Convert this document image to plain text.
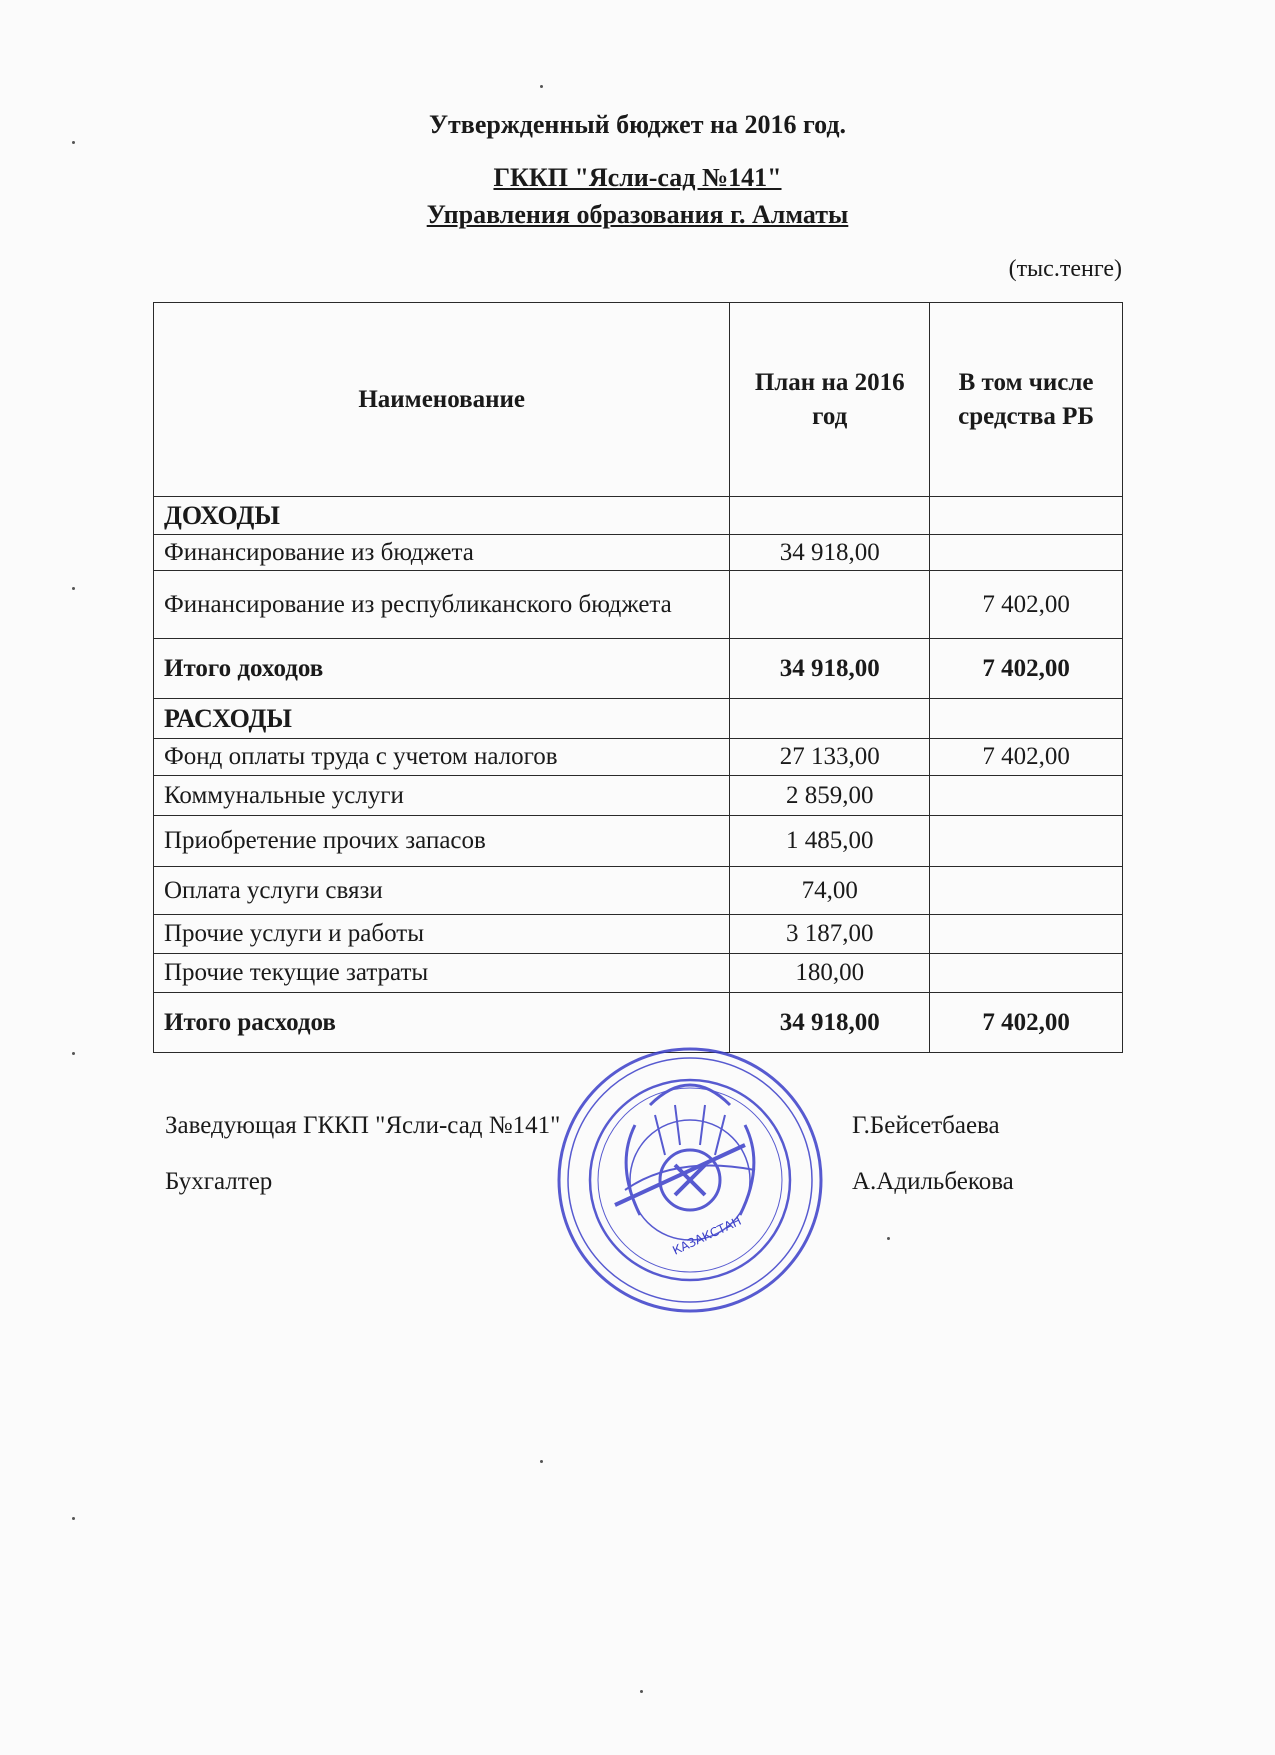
Утвержденный бюджет на 2016 год.
ГККП "Ясли-сад №141"
Управления образования г. Алматы
(тыс.тенге)
Наименование	План на 2016 год	В том числе средства РБ
ДОХОДЫ		
Финансирование из бюджета	34 918,00	
Финансирование из республиканского бюджета		7 402,00
Итого доходов	34 918,00	7 402,00
РАСХОДЫ		
Фонд оплаты труда с учетом налогов	27 133,00	7 402,00
Коммунальные услуги	2 859,00	
Приобретение прочих запасов	1 485,00	
Оплата услуги связи	74,00	
Прочие услуги и работы	3 187,00	
Прочие текущие затраты	180,00	
Итого расходов	34 918,00	7 402,00
КАЗАКСТАН
Заведующая ГККП "Ясли-сад №141"	Г.Бейсетбаева
Бухгалтер	А.Адильбекова
